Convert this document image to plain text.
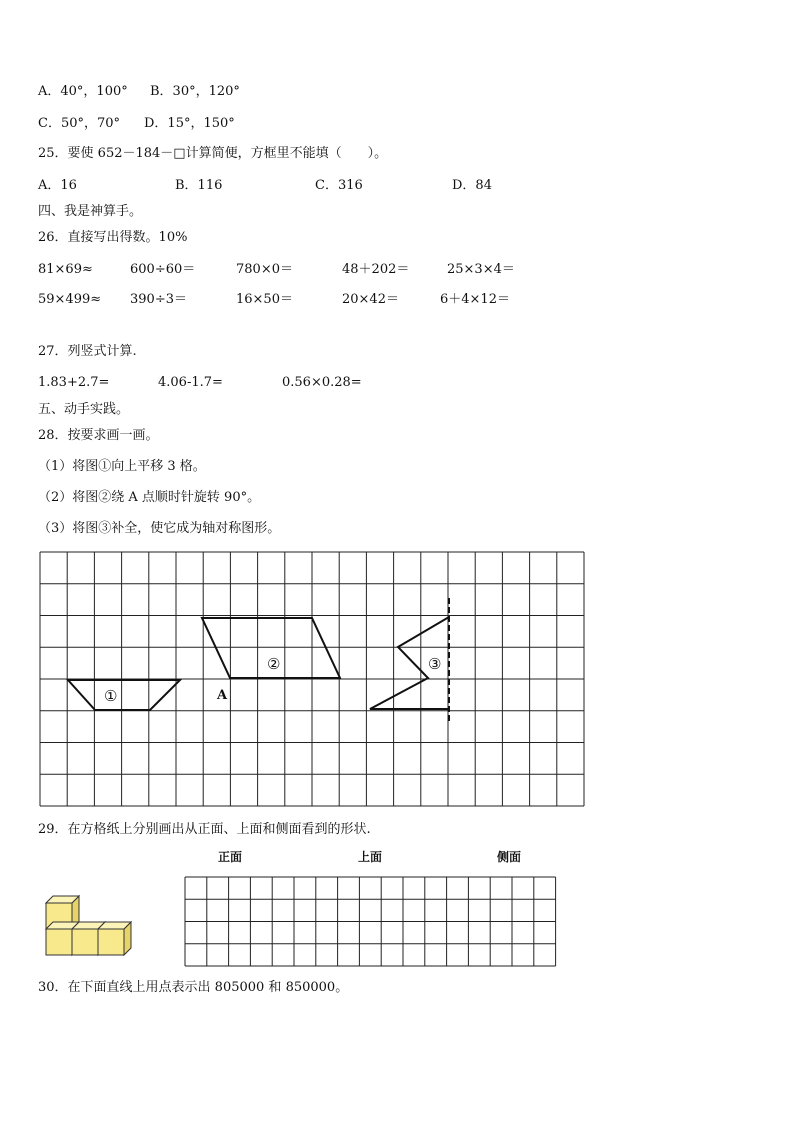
A．40°，100° B．30°，120°
C．50°，70° D．15°，150°
25．要使 652－184－□计算简便，方框里不能填（　　）。
A．16	B．116	C．316	D．84
四、我是神算手。
26．直接写出得数。10%
81×69≈	600÷60＝	780×0＝	48＋202＝	25×3×4＝
59×499≈ 390÷3＝	16×50＝	20×42＝	6＋4×12＝
27．列竖式计算.
1.83+2.7=	4.06-1.7=	0.56×0.28=
五、动手实践。
28．按要求画一画。
（1）将图①向上平移 3 格。
（2）将图②绕 A 点顺时针旋转 90°。
（3）将图③补全，使它成为轴对称图形。
①
②	③
A
29．在方格纸上分别画出从正面、上面和侧面看到的形状.
正面	上面	侧面
30．在下面直线上用点表示出 805000 和 850000。
